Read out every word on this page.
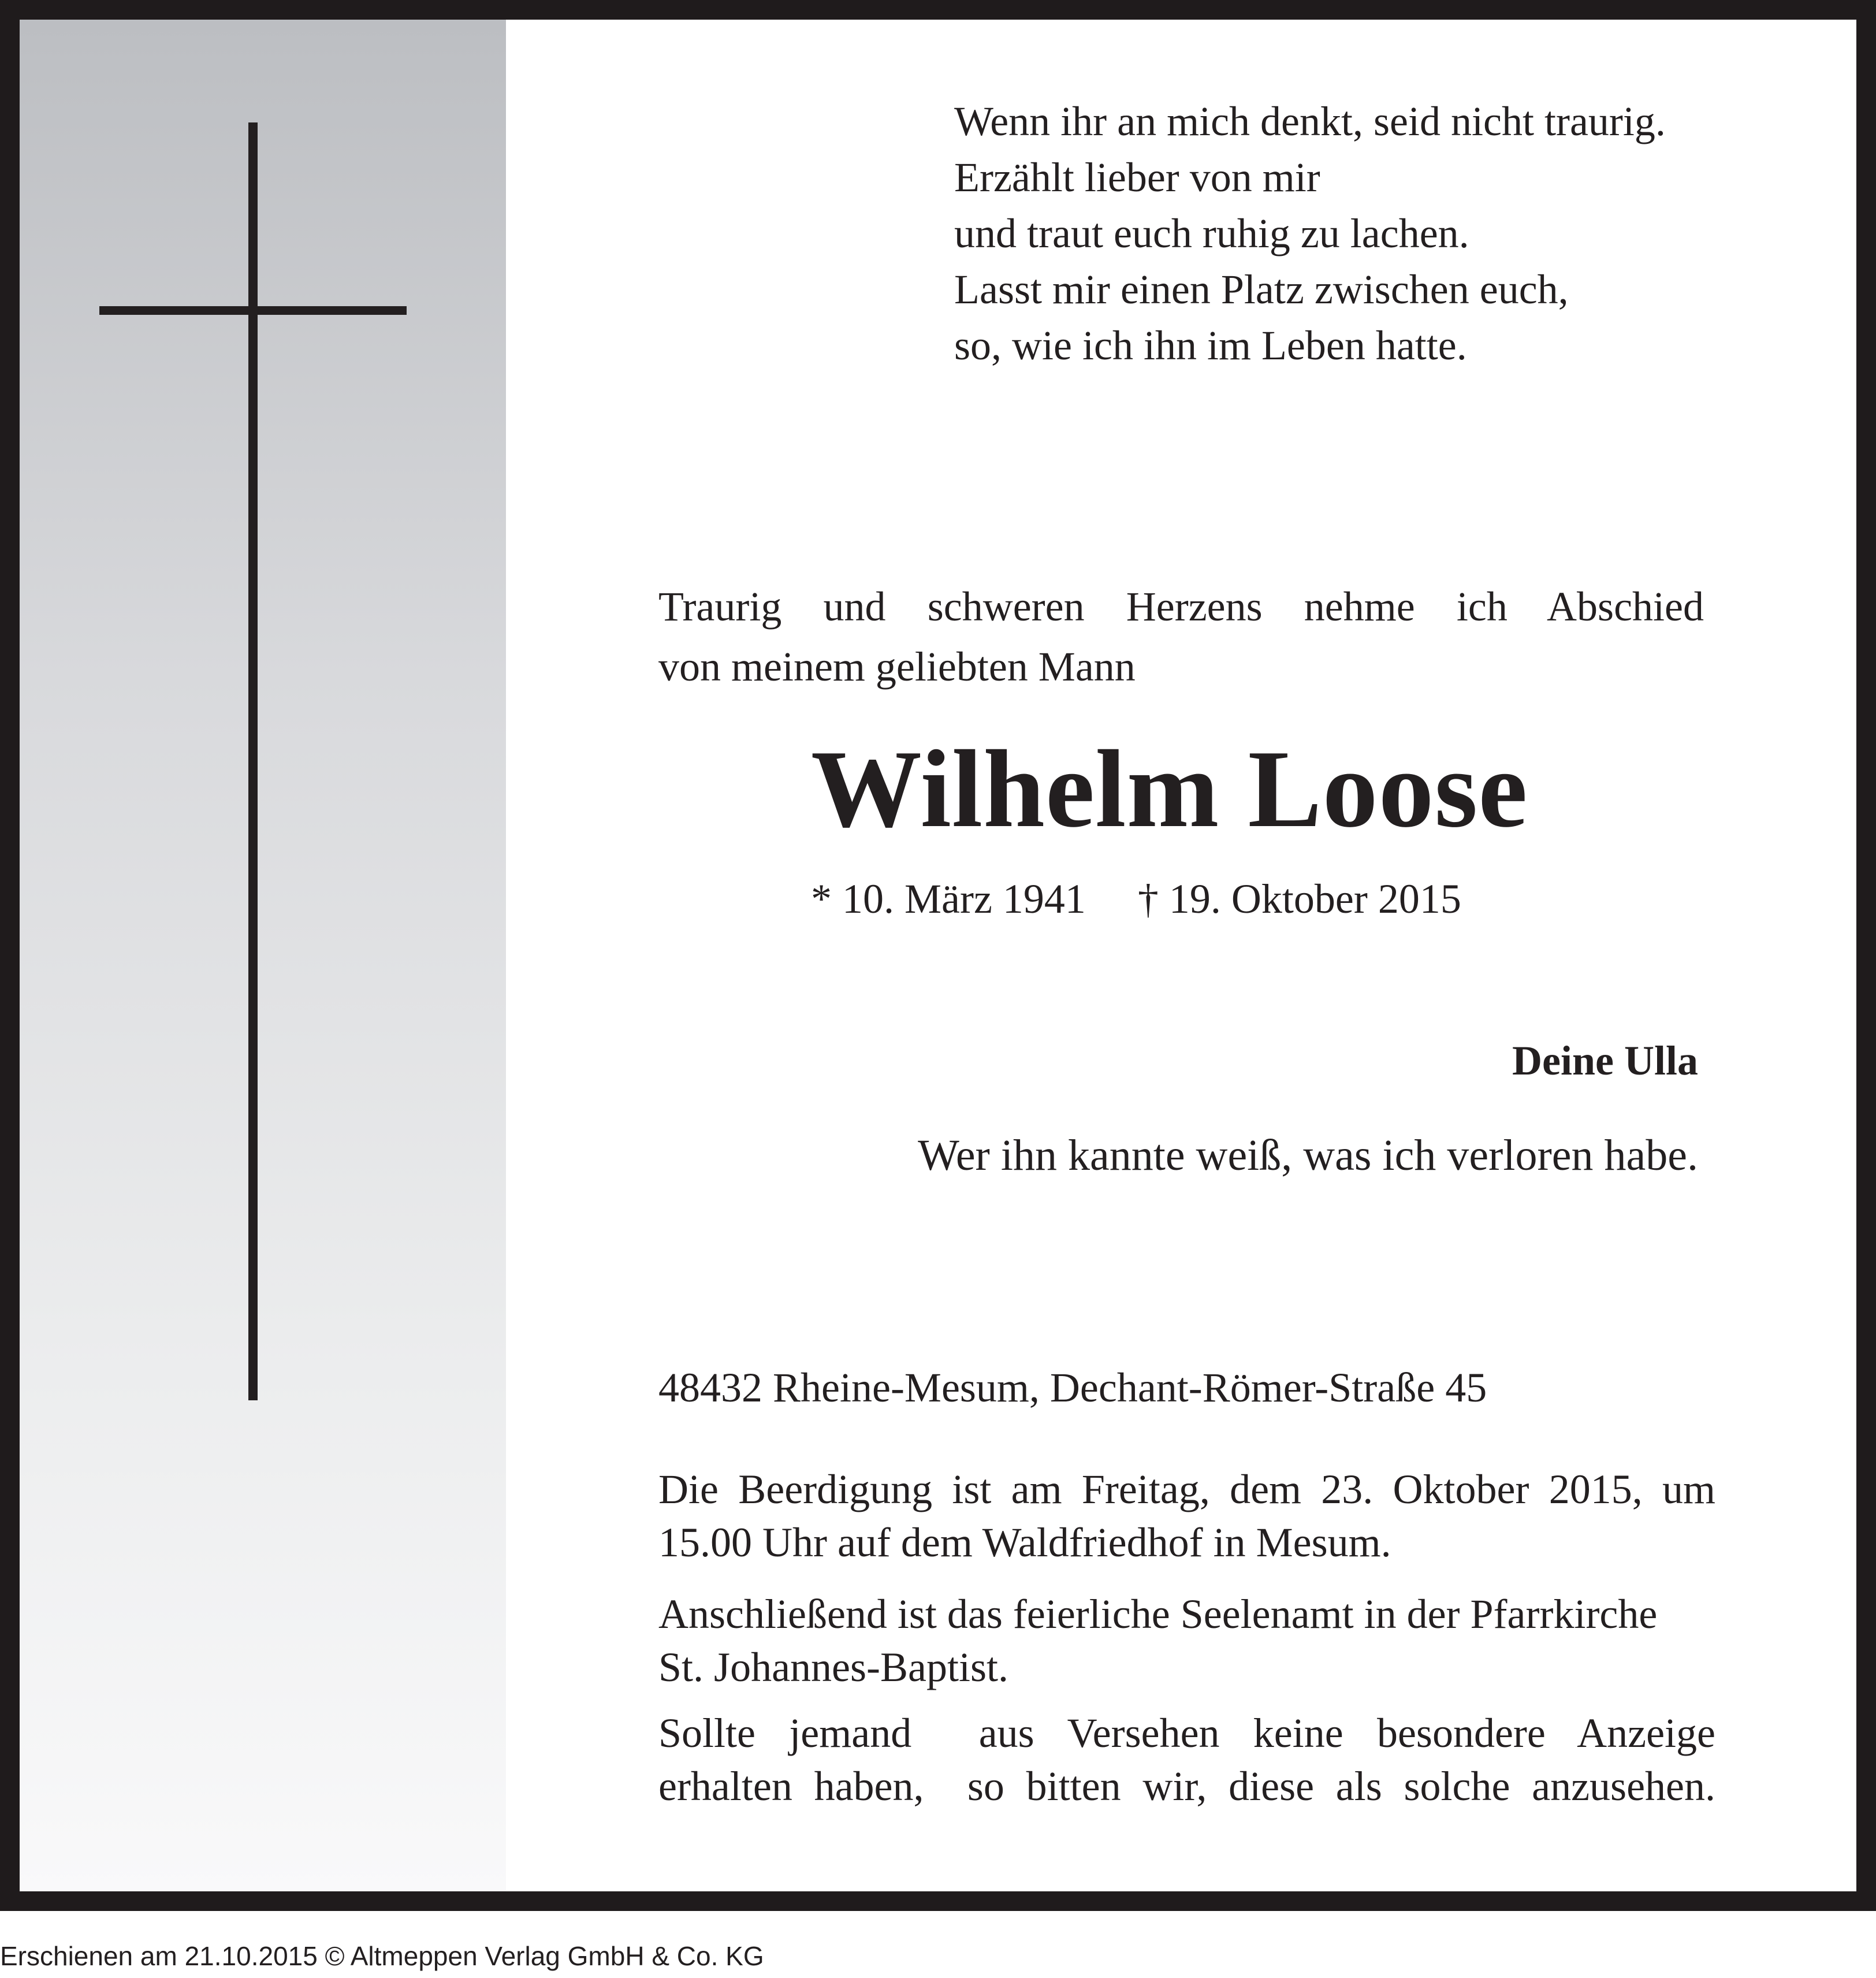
Wenn ihr an mich denkt, seid nicht traurig.
Erzählt lieber von mir
und traut euch ruhig zu lachen.
Lasst mir einen Platz zwischen euch,
so, wie ich ihn im Leben hatte.
Traurig und schweren Herzens nehme ich Abschied
von meinem geliebten Mann
Wilhelm Loose
* 10. März 1941 † 19. Oktober 2015
Deine Ulla
Wer ihn kannte weiß, was ich verloren habe.
48432 Rheine-Mesum, Dechant-Römer-Straße 45
Die Beerdigung ist am Freitag, dem 23. Oktober 2015, um
15.00 Uhr auf dem Waldfriedhof in Mesum.
Anschließend ist das feierliche Seelenamt in der Pfarrkirche
St. Johannes-Baptist.
Sollte jemand  aus Versehen keine besondere Anzeige
erhalten haben,  so bitten wir, diese als solche anzusehen.
Erschienen am 21.10.2015 © Altmeppen Verlag GmbH & Co. KG
